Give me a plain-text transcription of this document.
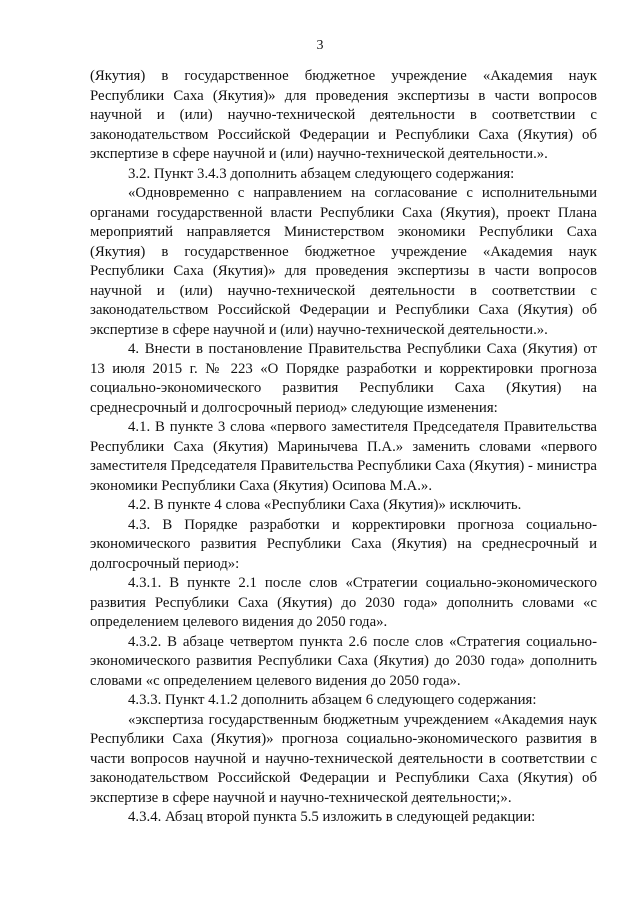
3

(Якутия) в государственное бюджетное учреждение «Академия наук Республики Саха (Якутия)» для проведения экспертизы в части вопросов научной и (или) научно-технической деятельности в соответствии с законодательством Российской Федерации и Республики Саха (Якутия) об экспертизе в сфере научной и (или) научно-технической деятельности.».

3.2. Пункт 3.4.3 дополнить абзацем следующего содержания:

«Одновременно с направлением на согласование с исполнительными органами государственной власти Республики Саха (Якутия), проект Плана мероприятий направляется Министерством экономики Республики Саха (Якутия) в государственное бюджетное учреждение «Академия наук Республики Саха (Якутия)» для проведения экспертизы в части вопросов научной и (или) научно-технической деятельности в соответствии с законодательством Российской Федерации и Республики Саха (Якутия) об экспертизе в сфере научной и (или) научно-технической деятельности.».

4. Внести в постановление Правительства Республики Саха (Якутия) от 13 июля 2015 г. № 223 «О Порядке разработки и корректировки прогноза социально-экономического развития Республики Саха (Якутия) на среднесрочный и долгосрочный период» следующие изменения:

4.1. В пункте 3 слова «первого заместителя Председателя Правительства Республики Саха (Якутия) Маринычева П.А.» заменить словами «первого заместителя Председателя Правительства Республики Саха (Якутия) - министра экономики Республики Саха (Якутия) Осипова М.А.».

4.2. В пункте 4 слова «Республики Саха (Якутия)» исключить.

4.3. В Порядке разработки и корректировки прогноза социально-экономического развития Республики Саха (Якутия) на среднесрочный и долгосрочный период»:

4.3.1. В пункте 2.1 после слов «Стратегии социально-экономического развития Республики Саха (Якутия) до 2030 года» дополнить словами «с определением целевого видения до 2050 года».

4.3.2. В абзаце четвертом пункта 2.6 после слов «Стратегия социально-экономического развития Республики Саха (Якутия) до 2030 года» дополнить словами «с определением целевого видения до 2050 года».

4.3.3. Пункт 4.1.2 дополнить абзацем 6 следующего содержания:

«экспертиза государственным бюджетным учреждением «Академия наук Республики Саха (Якутия)» прогноза социально-экономического развития в части вопросов научной и научно-технической деятельности в соответствии с законодательством Российской Федерации и Республики Саха (Якутия) об экспертизе в сфере научной и научно-технической деятельности;».

4.3.4. Абзац второй пункта 5.5 изложить в следующей редакции:
